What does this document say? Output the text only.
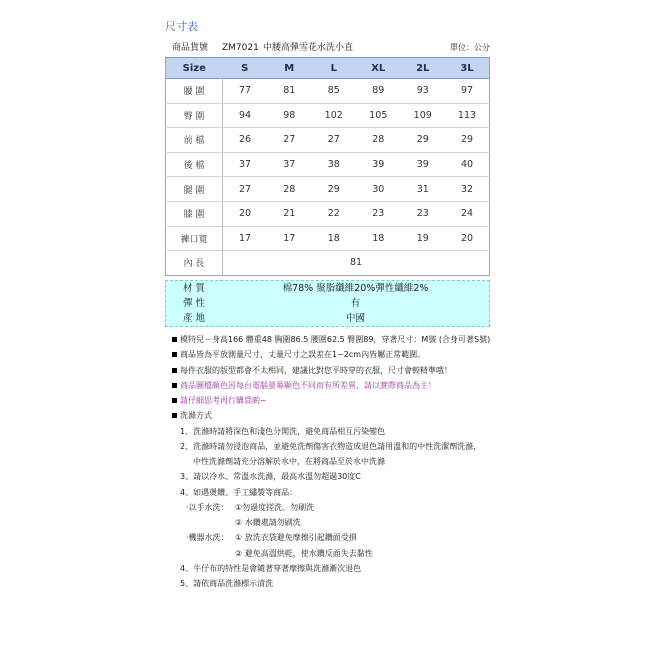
尺寸表
商品貨號 ZM7021 中腰高彈雪花水洗小直	單位：公分
Size	S	M	L	XL	2L	3L
腰 圍	77	81	85	89	93	97
臀 圍	94	98	102	105	109	113
前 檔	26	27	27	28	29	29
後 檔	37	37	38	39	39	40
腿 圍	27	28	29	30	31	32
膝 圍	20	21	22	23	23	24
褲口寬	17	17	18	18	19	20
內 長	81					
材 質	棉78% 聚脂纖維20%彈性纖維2%
彈 性	有
產 地	中國
模特兒－身高166 體重48 胸圍86.5 腰圍62.5 臀圍89，穿著尺寸：M號 (合身可著S號)
商品皆為平放測量尺寸，丈量尺寸之誤差在1~2cm內皆屬正常範圍。
每件衣服的版型都會不太相同，建議比對您平時穿的衣服，尺寸會較精準哦！
商品圖檔顏色因每台電腦螢幕顯色不同而有所差異，請以實際商品為主！
請仔細思考再行購買喲~
洗滌方式
1、洗滌時請將深色和淺色分開洗，避免商品相互污染變色
2、洗滌時請勿浸泡商品，並避免洗劑傷害衣物造成退色請用溫和的中性洗潔劑洗滌，
中性洗滌劑請充分溶解於水中，在將商品至於水中洗滌
3、請以冷水、常溫水洗滌，最高水溫勿超過30度C
4、如遇燙鑽、手工繡製等商品：
‧以手水洗： ①勿過度搓洗、勿刷洗
② 水鑽處請勿刷洗
‧機器水洗： ① 放洗衣袋避免摩擦引起鑽面受損
② 避免高溫烘乾，使水鑽反面失去黏性
4、牛仔布的特性是會隨著穿著摩擦與洗滌漸次退色
5、請依商品洗滌標示清洗
